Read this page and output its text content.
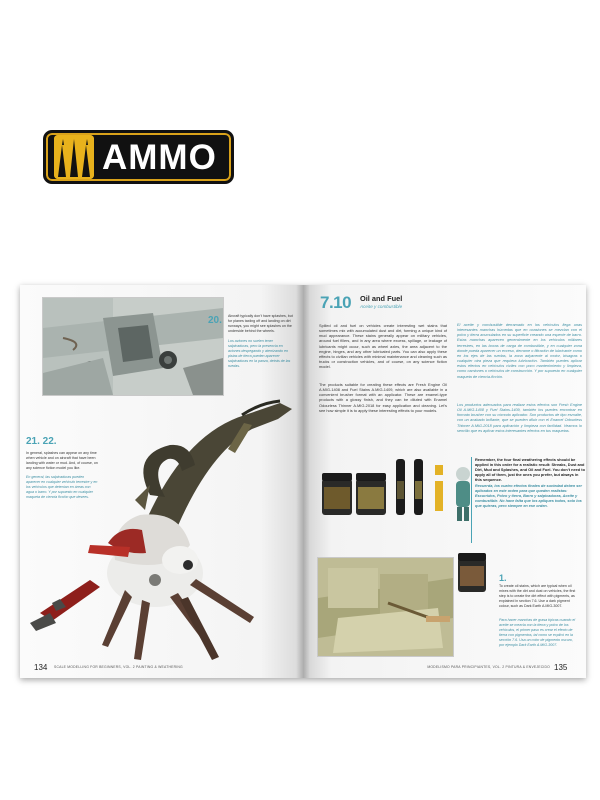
AMMO
20. Aircraft typically don't have splashes, but for planes taxiing off and landing on dirt runways, you might see splashes on the underside behind the wheels.
Los aviones no suelen tener salpicaduras, pero la presencia en aviones despegando y aterrizando en pistas de tierra pueden aparecer salpicaduras en la panza, detrás de las ruedas.
21. 22.
In general, splashes can appear on any time when vehicle and on aircraft that have been landing with water or mud. And, of course, on any science fiction model you like.
En general, las salpicaduras pueden aparecer en cualquier vehículo terrestre y en los vehículos que detenían en áreas con agua o barro. Y por supuesto en cualquier maqueta de ciencia ficción que desees.
134 SCALE MODELLING FOR BEGINNERS, VOL. 2 PAINTING & WEATHERING
7.10 Oil and Fuel
Aceite y combustible
Spilled oil and fuel on vehicles create interesting wet stains that sometimes mix with accumulated dust and dirt, forming a unique kind of mud appearance. These stains generally appear on military vehicles, around fuel fillers, and in any area where excess, spillage, or leakage of lubricants might occur, such as wheel axles, the area adjacent to the engine, hinges, and any other lubricated parts. You can also apply these effects to civilian vehicles with minimal maintenance and cleaning such as trucks or construction vehicles, and of course, on any science fiction model.
The products suitable for creating these effects are Fresh Engine Oil A.MIG-1408 and Fuel Stains A.MIG-1409, which are also available in a convenient brusher format with an applicator. These are enamel-type products with a glossy finish, and they can be diluted with Enamel Odourless Thinner A.MIG-2018 for easy application and cleaning. Let's see how simple it is to apply these interesting effects to your models.
El aceite y combustible derramado en los vehículos llega unas interesantes manchas húmedas que en ocasiones se mezclan con el polvo y tierra acumulados en su superficie creando una especie de barro. Estas manchas aparecen generalmente en los vehículos militares terrestres, en las bocas de carga de combustible, y en cualquier zona donde pueda aparecer un exceso, derrame o filtración de lubricante como en los ejes de las ruedas, la zona adyacente al motor, bisagras o cualquier otra pieza que requiera lubricación. También puedes aplicar estos efectos en vehículos civiles con poco mantenimiento y limpieza, como camiones o vehículos de construcción. Y por supuesto en cualquier maqueta de ciencia-ficción.
Los productos adecuados para realizar estos efectos son Fresh Engine Oil A.MIG-1408 y Fuel Stains-1409, también los puedes encontrar en formato brusher con su cómodo aplicador. Son productos de tipo esmalte, con un acabado brillante, que se pueden diluir con el Enamel Odourless Thinner A.MIG-2018 para aplicación y limpieza con facilidad. Veamos lo sencillo que es aplicar estos interesantes efectos en tus maquetas.
Remember, the four final weathering effects should be applied in this order for a realistic result: Streaks, Dust and Dirt, Mud and Splashes, and Oil and Fuel. You don't need to apply all of them, just the ones you prefer, but always in this sequence.
Recuerda, los cuatro efectos finales de suciedad deben ser aplicados en este orden para que queden realistas: Escurridos, Polvo y tierra, Barro y salpicaduras, Aceite y combustible. No hace falta que los apliques todos, solo los que quieras, pero siempre en ese orden.
1.
To create oil stains, which are typical when oil mixes with the dirt and dust on vehicles, the first step is to create the dirt effect with pigments, as explained in section 7.6. Use a dark pigment colour, such as Dark Earth A.MIG-3007.
Para hacer manchas de grasa típicas cuando el aceite se mezcla con la tierra y polvo de los vehículos, el primer paso es crear el efecto de tierra con pigmentos, tal como se explicó en la sección 7.6. Usa un color de pigmento oscuro, por ejemplo Dark Earth A.MIG-3007.
MODELISMO PARA PRINCIPIANTES, VOL. 2 PINTURA & ENVEJECIDO 135
